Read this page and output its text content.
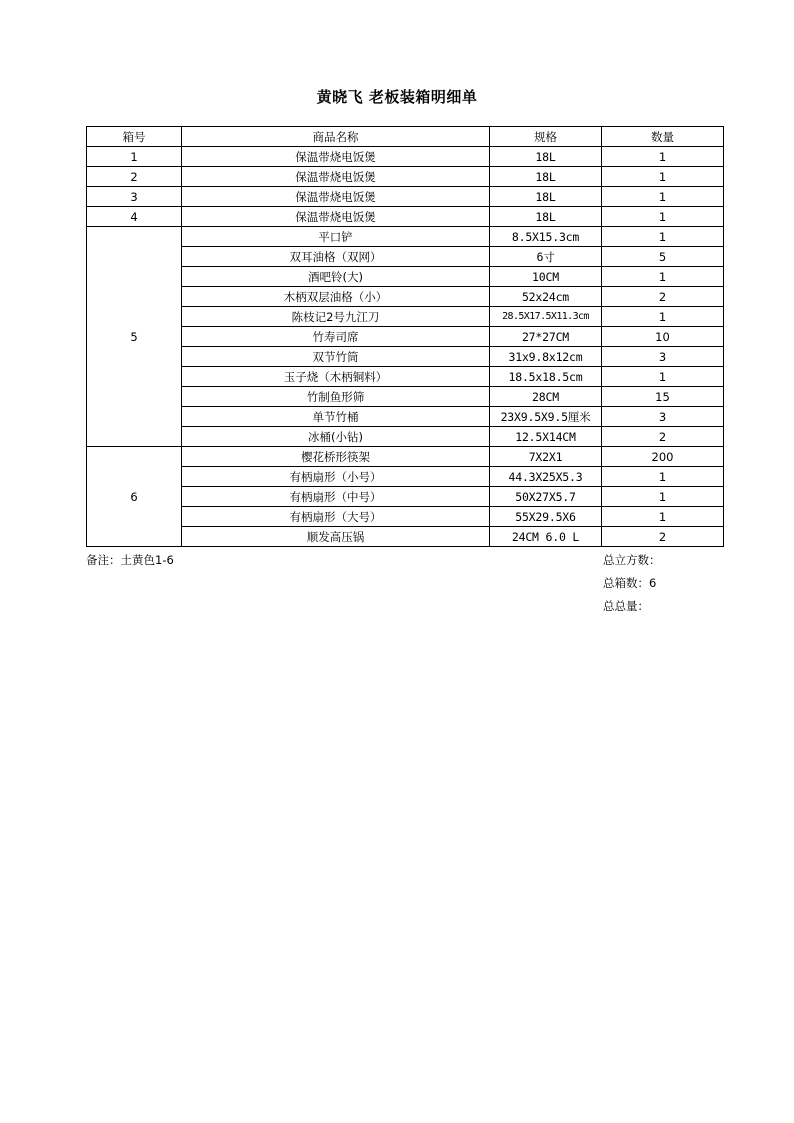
黄晓飞 老板装箱明细单
箱号	商品名称	规格	数量
1	保温带烧电饭煲	18L	1
2	保温带烧电饭煲	18L	1
3	保温带烧电饭煲	18L	1
4	保温带烧电饭煲	18L	1
5	平口铲	8.5X15.3cm	1
	双耳油格（双网）	6寸	5
	酒吧铃(大)	10CM	1
	木柄双层油格（小）	52x24cm	2
	陈枝记2号九江刀	28.5X17.5X11.3cm	1
	竹寿司席	27*27CM	10
	双节竹筒	31x9.8x12cm	3
	玉子烧（木柄铜料）	18.5x18.5cm	1
	竹制鱼形筛	28CM	15
	单节竹桶	23X9.5X9.5厘米	3
	冰桶(小钻)	12.5X14CM	2
6	樱花桥形筷架	7X2X1	200
	有柄扇形（小号）	44.3X25X5.3	1
	有柄扇形（中号）	50X27X5.7	1
	有柄扇形（大号）	55X29.5X6	1
	顺发高压锅	24CM 6.0 L	2
备注：土黄色1-6	总立方数：
总箱数：6
总总量：
